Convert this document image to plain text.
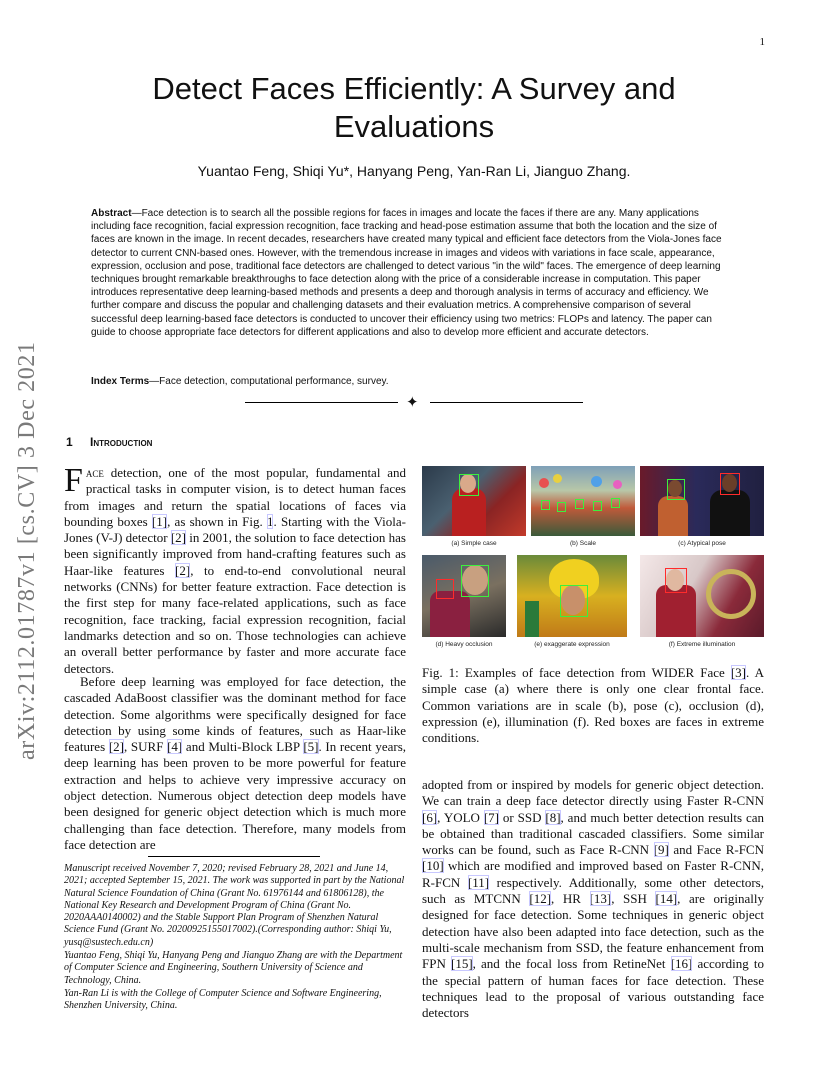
1
arXiv:2112.01787v1 [cs.CV] 3 Dec 2021
Detect Faces Efficiently: A Survey and Evaluations
Yuantao Feng, Shiqi Yu*, Hanyang Peng, Yan-Ran Li, Jianguo Zhang.
Abstract—Face detection is to search all the possible regions for faces in images and locate the faces if there are any. Many applications including face recognition, facial expression recognition, face tracking and head-pose estimation assume that both the location and the size of faces are known in the image. In recent decades, researchers have created many typical and efficient face detectors from the Viola-Jones face detector to current CNN-based ones. However, with the tremendous increase in images and videos with variations in face scale, appearance, expression, occlusion and pose, traditional face detectors are challenged to detect various "in the wild" faces. The emergence of deep learning techniques brought remarkable breakthroughs to face detection along with the price of a considerable increase in computation. This paper introduces representative deep learning-based methods and presents a deep and thorough analysis in terms of accuracy and efficiency. We further compare and discuss the popular and challenging datasets and their evaluation metrics. A comprehensive comparison of several successful deep learning-based face detectors is conducted to uncover their efficiency using two metrics: FLOPs and latency. The paper can guide to choose appropriate face detectors for different applications and also to develop more efficient and accurate detectors.
Index Terms—Face detection, computational performance, survey.
✦
1 Introduction
Face detection, one of the most popular, fundamental and practical tasks in computer vision, is to detect human faces from images and return the spatial locations of faces via bounding boxes [1], as shown in Fig. 1. Starting with the Viola-Jones (V-J) detector [2] in 2001, the solution to face detection has been significantly improved from hand-crafting features such as Haar-like features [2], to end-to-end convolutional neural networks (CNNs) for better feature extraction. Face detection is the first step for many face-related applications, such as face recognition, face tracking, facial expression recognition, facial landmarks detection and so on. Those technologies can achieve an overall better performance by faster and more accurate face detectors.
Before deep learning was employed for face detection, the cascaded AdaBoost classifier was the dominant method for face detection. Some algorithms were specifically designed for face detection by using some kinds of features, such as Haar-like features [2], SURF [4] and Multi-Block LBP [5]. In recent years, deep learning has been proven to be more powerful for feature extraction and helps to achieve very impressive accuracy on object detection. Numerous object detection deep models have been designed for generic object detection which is much more challenging than face detection. Therefore, many models from face detection are

Manuscript received November 7, 2020; revised February 28, 2021 and June 14, 2021; accepted September 15, 2021. The work was supported in part by the National Natural Science Foundation of China (Grant No. 61976144 and 61806128), the National Key Research and Development Program of China (Grant No. 2020AAA0140002) and the Stable Support Plan Program of Shenzhen Natural Science Fund (Grant No. 20200925155017002).(Corresponding author: Shiqi Yu, yusq@sustech.edu.cn)

Yuantao Feng, Shiqi Yu, Hanyang Peng and Jianguo Zhang are with the Department of Computer Science and Engineering, Southern University of Science and Technology, China.

Yan-Ran Li is with the College of Computer Science and Software Engineering, Shenzhen University, China.

(a) Simple case	(b) Scale	(c) Atypical pose
(d) Heavy occlusion	(e) exaggerate expression	(f) Extreme illumination
Fig. 1: Examples of face detection from WIDER Face [3]. A simple case (a) where there is only one clear frontal face. Common variations are in scale (b), pose (c), occlusion (d), expression (e), illumination (f). Red boxes are faces in extreme conditions.
adopted from or inspired by models for generic object detection. We can train a deep face detector directly using Faster R-CNN [6], YOLO [7] or SSD [8], and much better detection results can be obtained than traditional cascaded classifiers. Some similar works can be found, such as Face R-CNN [9] and Face R-FCN [10] which are modified and improved based on Faster R-CNN, R-FCN [11] respectively. Additionally, some other detectors, such as MTCNN [12], HR [13], SSH [14], are originally designed for face detection. Some techniques in generic object detection have also been adapted into face detection, such as the multi-scale mechanism from SSD, the feature enhancement from FPN [15], and the focal loss from RetineNet [16] according to the special pattern of human faces for face detection. These techniques lead to the proposal of various outstanding face detectors
